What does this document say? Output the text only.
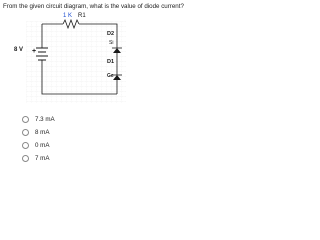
From the given circuit diagram, what is the value of diode current?
1 K R1
8 V +
D2
Si
D1
Ge
7.3 mA
8 mA
0 mA
7 mA
